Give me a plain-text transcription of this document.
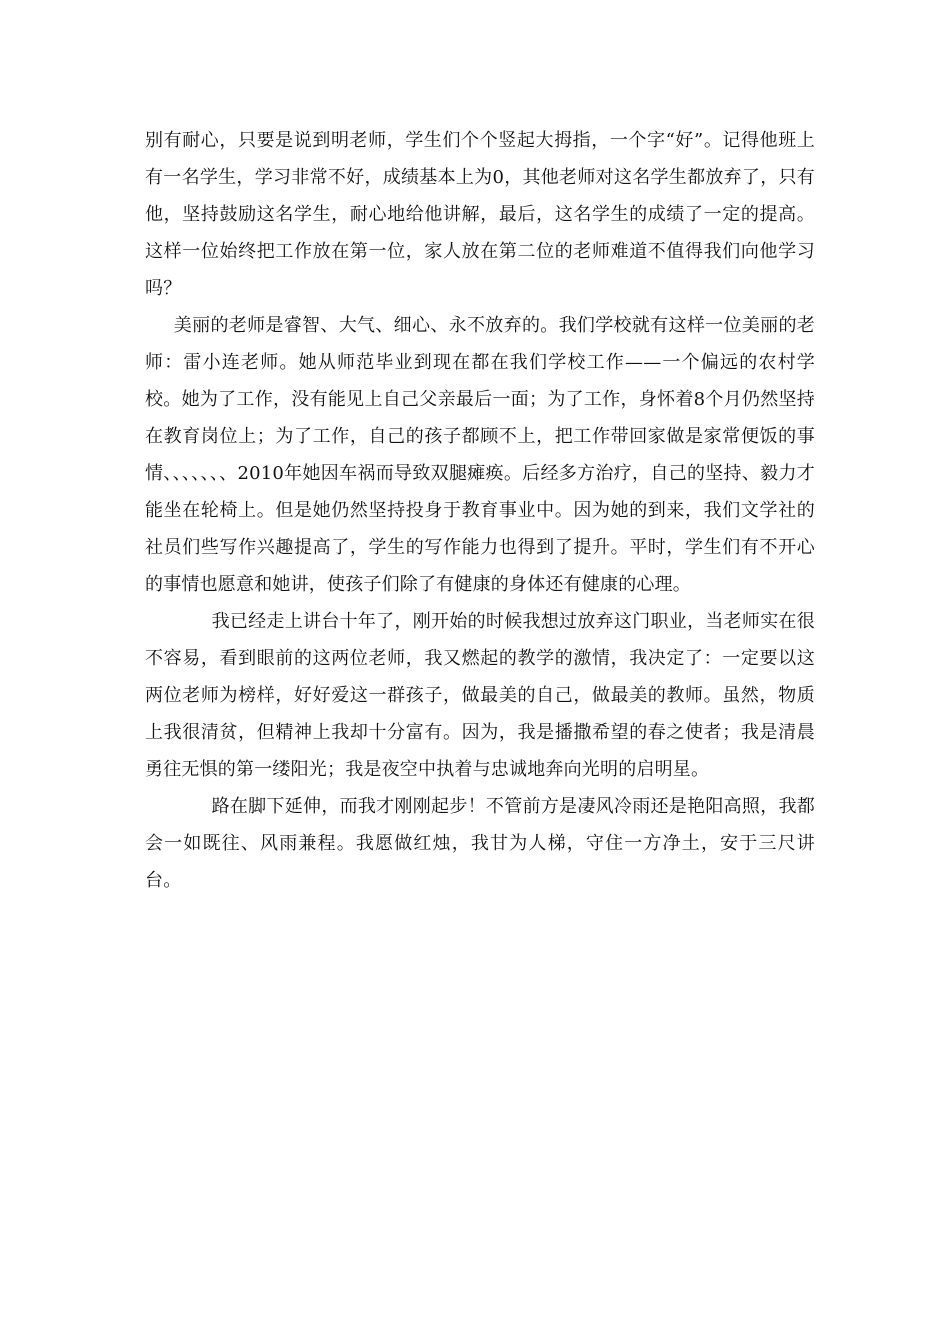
别有耐心，只要是说到明老师，学生们个个竖起大拇指，一个字“好”。记得他班上有一名学生，学习非常不好，成绩基本上为0，其他老师对这名学生都放弃了，只有他，坚持鼓励这名学生，耐心地给他讲解，最后，这名学生的成绩了一定的提高。这样一位始终把工作放在第一位，家人放在第二位的老师难道不值得我们向他学习吗？

美丽的老师是睿智、大气、细心、永不放弃的。我们学校就有这样一位美丽的老师：雷小连老师。她从师范毕业到现在都在我们学校工作——一个偏远的农村学校。她为了工作，没有能见上自己父亲最后一面；为了工作，身怀着8个月仍然坚持在教育岗位上；为了工作，自己的孩子都顾不上，把工作带回家做是家常便饭的事情、、、、、、、2010年她因车祸而导致双腿瘫痪。后经多方治疗，自己的坚持、毅力才能坐在轮椅上。但是她仍然坚持投身于教育事业中。因为她的到来，我们文学社的社员们些写作兴趣提高了，学生的写作能力也得到了提升。平时，学生们有不开心的事情也愿意和她讲，使孩子们除了有健康的身体还有健康的心理。

我已经走上讲台十年了，刚开始的时候我想过放弃这门职业，当老师实在很不容易，看到眼前的这两位老师，我又燃起的教学的激情，我决定了：一定要以这两位老师为榜样，好好爱这一群孩子，做最美的自己，做最美的教师。虽然，物质上我很清贫，但精神上我却十分富有。因为，我是播撒希望的春之使者；我是清晨勇往无惧的第一缕阳光；我是夜空中执着与忠诚地奔向光明的启明星。

路在脚下延伸，而我才刚刚起步！不管前方是凄风冷雨还是艳阳高照，我都会一如既往、风雨兼程。我愿做红烛，我甘为人梯，守住一方净土，安于三尺讲台。
